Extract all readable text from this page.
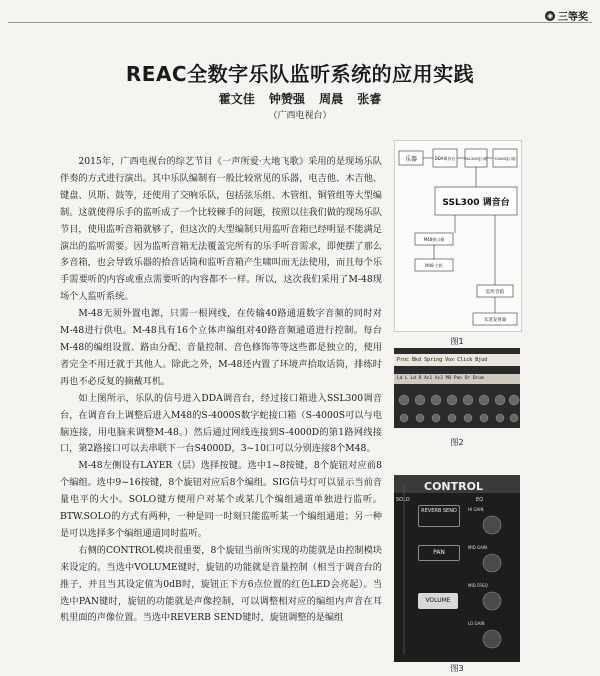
◉ 三等奖
REAC全数字乐队监听系统的应用实践
霍文佳 钟赞强 周晨 张睿
（广西电视台）

2015年，广西电视台的综艺节目《一声所爱·大地飞歌》采用的是现场乐队伴奏的方式进行演出。其中乐队编制有一般比较常见的乐器，电吉他、木吉他、键盘、贝斯、鼓等，还使用了交响乐队，包括弦乐组、木管组、铜管组等大型编制。这就使得乐手的监听成了一个比较棘手的问题，按照以往我们做的现场乐队节目，使用监听音箱就够了，但这次的大型编制只用监听音箱已经明显不能满足演出的监听需要。因为监听音箱无法覆盖完所有的乐手听音需求，即便摆了那么多音箱，也会导致乐器的拾音话筒和监听音箱产生啸叫而无法使用，而且每个乐手需要听的内容或重点需要听的内容都不一样。所以，这次我们采用了M-48现场个人监听系统。

M-48无须外置电源，只需一根网线，在传输40路通道数字音频的同时对M-48进行供电。M-48具有16个立体声编组对40路音频通道进行控制。每台M-48的编组设置、路由分配、音量控制、音色修饰等等这些都是独立的，使用者完全不用迁就于其他人。除此之外，M-48还内置了环境声拾取话筒，排练时再也不必反复的摘戴耳机。

如上图所示，乐队的信号进入DDA调音台，经过接口箱进入SSL300调音台，在调音台上调整后进入M48的S-4000S数字蛇接口箱（S-4000S可以与电脑连接，用电脑来调整M-48。）然后通过网线连接到S-4000D的第1路网线接口，第2路接口可以去串联下一台S4000D，3~10口可以分别连接8个M48。

M-48左侧设有LAYER（层）选择按键。选中1~8按键，8个旋钮对应前8个编组。选中9~16按键，8个旋钮对应后8个编组。SIG信号灯可以显示当前音量电平的大小。SOLO键方便用户对某个或某几个编组通道单独进行监听。BTW.SOLO的方式有两种，一种是同一时刻只能监听某一个编组通道；另一种是可以选择多个编组通道同时监听。

右侧的CONTROL模块很重要，8个旋钮当前所实现的功能就是由控制模块来设定的。当选中VOLUME键时，旋钮的功能就是音量控制（相当于调音台的推子，并且当其设定值为0dB时，旋钮正下方6点位置的红色LED会亮起）。当选中PAN键时，旋钮的功能就是声像控制，可以调整相对应的编组内声音在耳机里面的声像位置。当选中REVERB SEND键时，旋钮调整的是编组

乐器	DDA调音台	SSL300接口箱 S3000接口箱
SSL300 调音台
M48接口箱
M48 主机
监听音箱
耳返发射器
图1
Proc Bkd Spring Vox Click Bjud
Ld L Ld R Ac1 Ac2 MD Pan Dr Drum
图2
CONTROL
SOLO
REVERB SEND
PAN
VOLUME
EQ
HI GAIN
MID GAIN
MID FREQ
LO GAIN
图3
